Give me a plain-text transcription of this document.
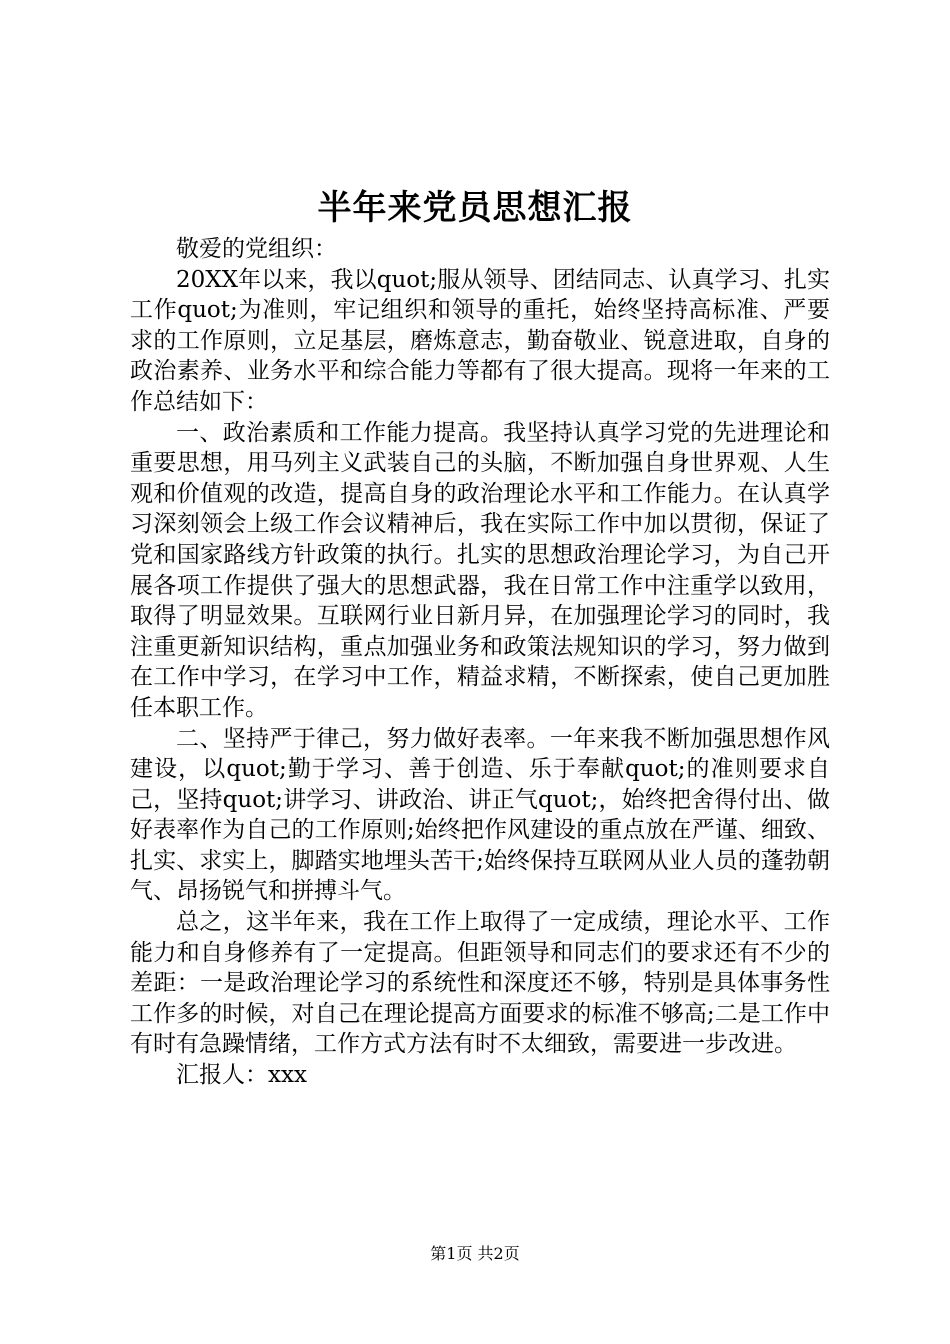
半年来党员思想汇报

敬爱的党组织：

20XX年以来，我以quot;服从领导、团结同志、认真学习、扎实工作quot;为准则，牢记组织和领导的重托，始终坚持高标准、严要求的工作原则，立足基层，磨炼意志，勤奋敬业、锐意进取，自身的政治素养、业务水平和综合能力等都有了很大提高。现将一年来的工作总结如下：

一、政治素质和工作能力提高。我坚持认真学习党的先进理论和重要思想，用马列主义武装自己的头脑，不断加强自身世界观、人生观和价值观的改造，提高自身的政治理论水平和工作能力。在认真学习深刻领会上级工作会议精神后，我在实际工作中加以贯彻，保证了党和国家路线方针政策的执行。扎实的思想政治理论学习，为自己开展各项工作提供了强大的思想武器，我在日常工作中注重学以致用，取得了明显效果。互联网行业日新月异，在加强理论学习的同时，我注重更新知识结构，重点加强业务和政策法规知识的学习，努力做到在工作中学习，在学习中工作，精益求精，不断探索，使自己更加胜任本职工作。

二、坚持严于律己，努力做好表率。一年来我不断加强思想作风建设，以quot;勤于学习、善于创造、乐于奉献quot;的准则要求自己，坚持quot;讲学习、讲政治、讲正气quot;，始终把舍得付出、做好表率作为自己的工作原则;始终把作风建设的重点放在严谨、细致、扎实、求实上，脚踏实地埋头苦干;始终保持互联网从业人员的蓬勃朝气、昂扬锐气和拼搏斗气。

总之，这半年来，我在工作上取得了一定成绩，理论水平、工作能力和自身修养有了一定提高。但距领导和同志们的要求还有不少的差距：一是政治理论学习的系统性和深度还不够，特别是具体事务性工作多的时候，对自己在理论提高方面要求的标准不够高;二是工作中有时有急躁情绪，工作方式方法有时不太细致，需要进一步改进。

汇报人：xxx

第1页 共2页
